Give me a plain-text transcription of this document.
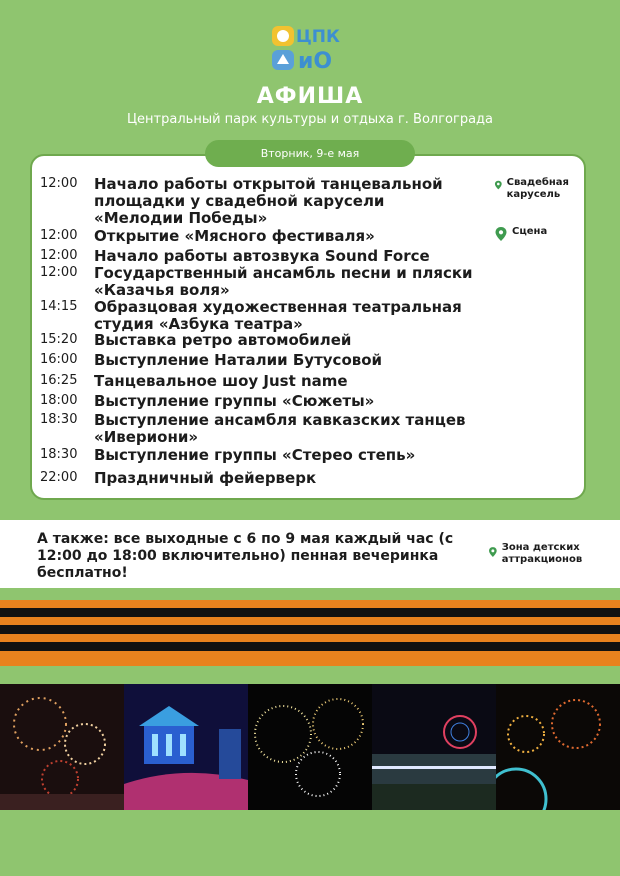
ЦПК
иО
АФИША
Центральный парк культуры и отдыха г. Волгограда
Вторник, 9-е мая
12:00	Начало работы открытой танцевальной площадки у свадебной карусели «Мелодии Победы»
12:00	Открытие «Мясного фестиваля»
12:00	Начало работы автозвука Sound Force
12:00	Государственный ансамбль песни и пляски «Казачья воля»
14:15	Образцовая художественная театральная студия «Азбука театра»
15:20	Выставка ретро автомобилей
16:00	Выступление Наталии Бутусовой
16:25	Танцевальное шоу Just name
18:00	Выступление группы «Сюжеты»
18:30	Выступление ансамбля кавказских танцев «Ивериони»
18:30	Выступление группы «Стерео степь»
22:00	Праздничный фейерверк
Свадебная карусель
Сцена
А также: все выходные с 6 по 9 мая каждый час (с 12:00 до 18:00 включительно) пенная вечеринка бесплатно!
Зона детских аттракционов
